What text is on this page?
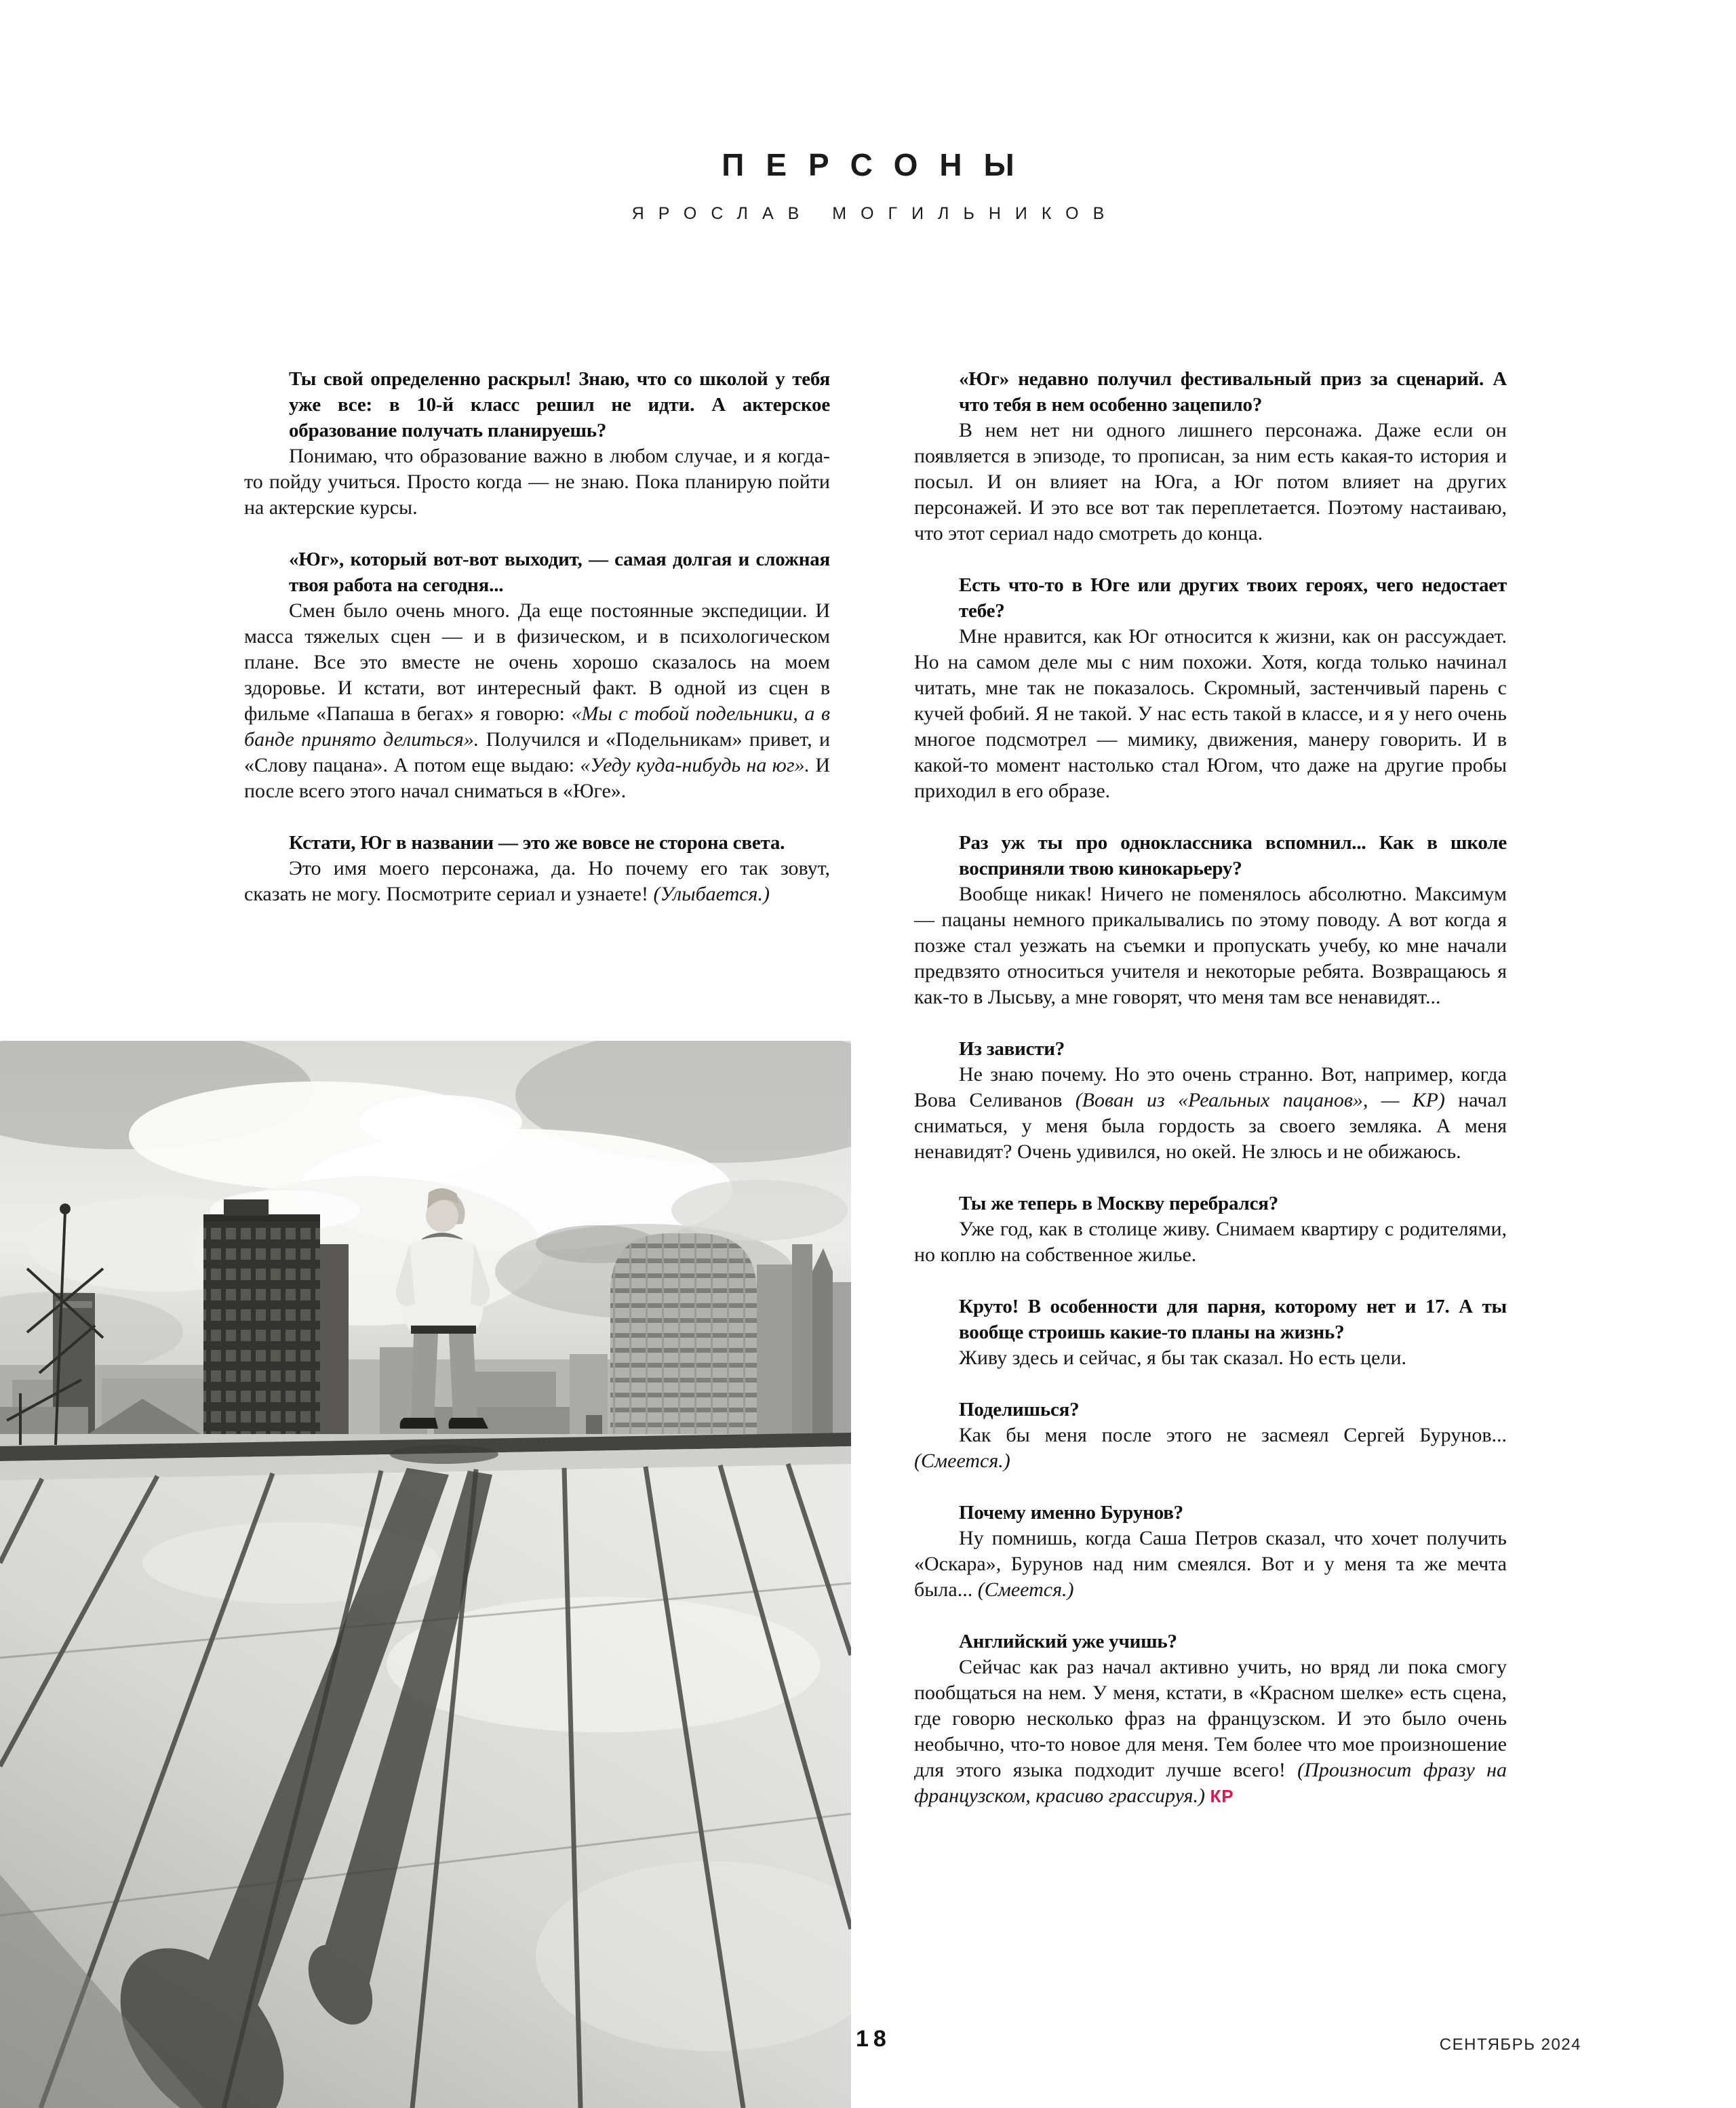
ПЕРСОНЫ
ЯРОСЛАВ МОГИЛЬНИКОВ

Ты свой определенно раскрыл! Знаю, что со школой у тебя уже все: в 10-й класс решил не идти. А актерское образование получать планируешь?

Понимаю, что образование важно в любом случае, и я когда-то пойду учиться. Просто когда — не знаю. Пока планирую пойти на актерские курсы.

«Юг», который вот-вот выходит, — самая долгая и сложная твоя работа на сегодня...

Смен было очень много. Да еще постоянные экспедиции. И масса тяжелых сцен — и в физическом, и в психологическом плане. Все это вместе не очень хорошо сказалось на моем здоровье. И кстати, вот интересный факт. В одной из сцен в фильме «Папаша в бегах» я говорю: «Мы с тобой подельники, а в банде принято делиться». Получился и «Подельникам» привет, и «Слову пацана». А потом еще выдаю: «Уеду куда-нибудь на юг». И после всего этого начал сниматься в «Юге».

Кстати, Юг в названии — это же вовсе не сторона света.

Это имя моего персонажа, да. Но почему его так зовут, сказать не могу. Посмотрите сериал и узнаете! (Улыбается.)

«Юг» недавно получил фестивальный приз за сценарий. А что тебя в нем особенно зацепило?

В нем нет ни одного лишнего персонажа. Даже если он появляется в эпизоде, то прописан, за ним есть какая-то история и посыл. И он влияет на Юга, а Юг потом влияет на других персонажей. И это все вот так переплетается. Поэтому настаиваю, что этот сериал надо смотреть до конца.

Есть что-то в Юге или других твоих героях, чего недостает тебе?

Мне нравится, как Юг относится к жизни, как он рассуждает. Но на самом деле мы с ним похожи. Хотя, когда только начинал читать, мне так не показалось. Скромный, застенчивый парень с кучей фобий. Я не такой. У нас есть такой в классе, и я у него очень многое подсмотрел — мимику, движения, манеру говорить. И в какой-то момент настолько стал Югом, что даже на другие пробы приходил в его образе.

Раз уж ты про одноклассника вспомнил... Как в школе восприняли твою кинокарьеру?

Вообще никак! Ничего не поменялось абсолютно. Максимум — пацаны немного прикалывались по этому поводу. А вот когда я позже стал уезжать на съемки и пропускать учебу, ко мне начали предвзято относиться учителя и некоторые ребята. Возвращаюсь я как-то в Лысьву, а мне говорят, что меня там все ненавидят...

Из зависти?

Не знаю почему. Но это очень странно. Вот, например, когда Вова Селиванов (Вован из «Реальных пацанов», — КР) начал сниматься, у меня была гордость за своего земляка. А меня ненавидят? Очень удивился, но окей. Не злюсь и не обижаюсь.

Ты же теперь в Москву перебрался?

Уже год, как в столице живу. Снимаем квартиру с родителями, но коплю на собственное жилье.

Круто! В особенности для парня, которому нет и 17. А ты вообще строишь какие-то планы на жизнь?

Живу здесь и сейчас, я бы так сказал. Но есть цели.

Поделишься?

Как бы меня после этого не засмеял Сергей Бурунов... (Смеется.)

Почему именно Бурунов?

Ну помнишь, когда Саша Петров сказал, что хочет получить «Оскара», Бурунов над ним смеялся. Вот и у меня та же мечта была... (Смеется.)

Английский уже учишь?

Сейчас как раз начал активно учить, но вряд ли пока смогу пообщаться на нем. У меня, кстати, в «Красном шелке» есть сцена, где говорю несколько фраз на французском. И это было очень необычно, что-то новое для меня. Тем более что мое произношение для этого языка подходит лучше всего! (Произносит фразу на французском, красиво грассируя.) КР

18	СЕНТЯБРЬ 2024
